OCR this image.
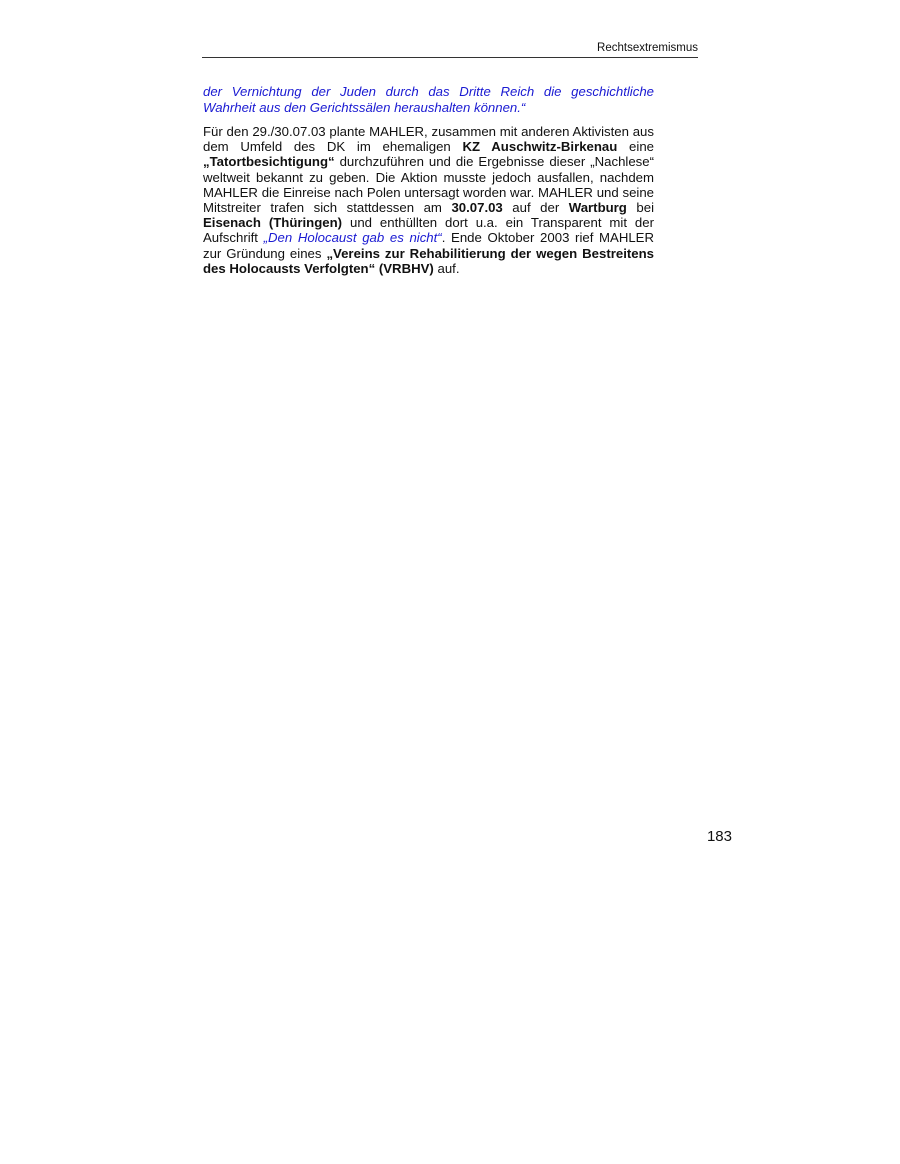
Rechtsextremismus

der Vernichtung der Juden durch das Dritte Reich die geschichtliche Wahrheit aus den Gerichtssälen heraushalten können.“

Für den 29./30.07.03 plante MAHLER, zusammen mit anderen Aktivisten aus dem Umfeld des DK im ehemaligen KZ Auschwitz-Birkenau eine „Tatortbesichtigung“ durchzuführen und die Ergebnisse dieser „Nachlese“ weltweit bekannt zu geben. Die Aktion musste jedoch ausfallen, nachdem MAHLER die Einreise nach Polen untersagt worden war. MAHLER und seine Mitstreiter trafen sich stattdessen am 30.07.03 auf der Wartburg bei Eisenach (Thüringen) und enthüllten dort u.a. ein Transparent mit der Aufschrift „Den Holocaust gab es nicht“. Ende Oktober 2003 rief MAHLER zur Gründung eines „Vereins zur Rehabilitierung der wegen Bestreitens des Holocausts Verfolgten“ (VRBHV) auf.

183
